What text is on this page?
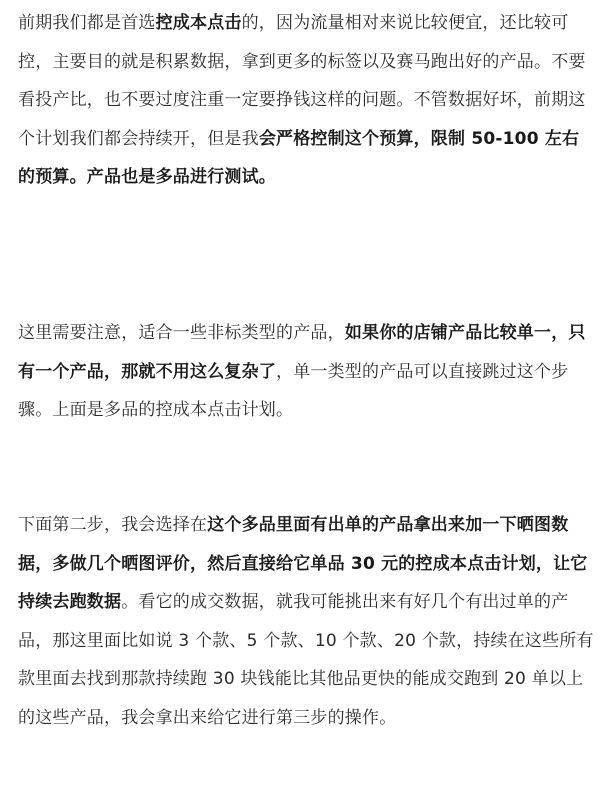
前期我们都是首选控成本点击的，因为流量相对来说比较便宜，还比较可控，主要目的就是积累数据，拿到更多的标签以及赛马跑出好的产品。不要看投产比，也不要过度注重一定要挣钱这样的问题。不管数据好坏，前期这个计划我们都会持续开，但是我会严格控制这个预算，限制 50-100 左右的预算。产品也是多品进行测试。

这里需要注意，适合一些非标类型的产品，如果你的店铺产品比较单一，只有一个产品，那就不用这么复杂了，单一类型的产品可以直接跳过这个步骤。上面是多品的控成本点击计划。

下面第二步，我会选择在这个多品里面有出单的产品拿出来加一下晒图数据，多做几个晒图评价，然后直接给它单品 30 元的控成本点击计划，让它持续去跑数据。看它的成交数据，就我可能挑出来有好几个有出过单的产品，那这里面比如说 3 个款、5 个款、10 个款、20 个款，持续在这些所有款里面去找到那款持续跑 30 块钱能比其他品更快的能成交跑到 20 单以上的这些产品，我会拿出来给它进行第三步的操作。
